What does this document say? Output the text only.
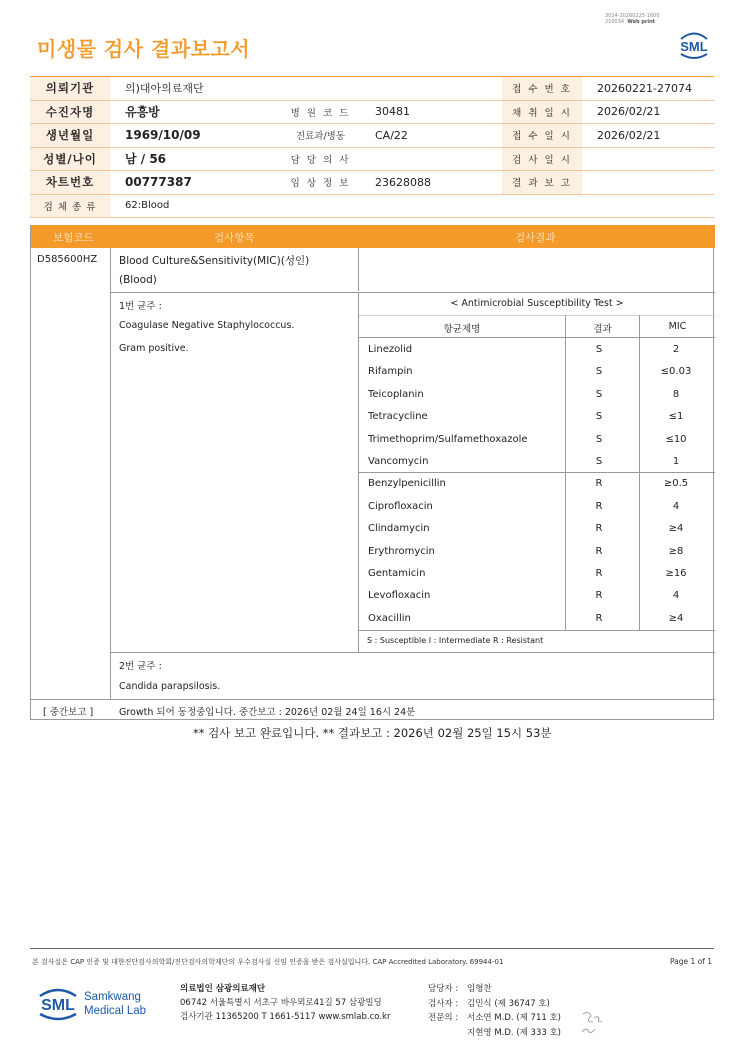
미생물 검사 결과보고서
3014-20260225-1600
210034 Web print
SML
의뢰기관	의)대아의료재단			접 수 번 호	20260221-27074
수진자명	유흥방	병 원 코 드	30481	채 취 일 시	2026/02/21
생년월일	1969/10/09	진료과/병동	CA/22	접 수 일 시	2026/02/21
성별/나이	남 / 56	담 당 의 사		검 사 일 시	
차트번호	00777387	임 상 정 보	23628088	결 과 보 고	
검 체 종 류	62:Blood				
보험코드	검사항목	검사결과
D585600HZ Blood Culture&Sensitivity(MIC)(성인)
(Blood)
1번 균주 :
Coagulase Negative Staphylococcus.
Gram positive.
< Antimicrobial Susceptibility Test >
항균제명	결과	MIC
Linezolid	S	2
Rifampin	S	≤0.03
Teicoplanin	S	8
Tetracycline	S	≤1
Trimethoprim/Sulfamethoxazole	S	≤10
Vancomycin	S	1
Benzylpenicillin	R	≥0.5
Ciprofloxacin	R	4
Clindamycin	R	≥4
Erythromycin	R	≥8
Gentamicin	R	≥16
Levofloxacin	R	4
Oxacillin	R	≥4
S : Susceptible I : Intermediate R : Resistant
2번 균주 :
Candida parapsilosis.
[ 중간보고 ]	Growth 되어 동정중입니다. 중간보고 : 2026년 02월 24일 16시 24분
** 검사 보고 완료입니다. ** 결과보고 : 2026년 02월 25일 15시 53분
본 검사실은 CAP 인증 및 대한진단검사의학회/진단검사의학재단의 우수검사실 신임 인증을 받은 검사실입니다. CAP Accredited Laboratory. 69944-01	Page 1 of 1
SML Samkwang
Medical Lab
의료법인 삼광의료재단
06742 서울특별시 서초구 바우뫼로41길 57 삼광빌딩
검사기관 11365200 T 1661-5117 www.smlab.co.kr
담당자 : 임형찬
검사자 : 김민식 (제 36747 호)
전문의 : 서소연 M.D. (제 711 호)
지현영 M.D. (제 333 호)
